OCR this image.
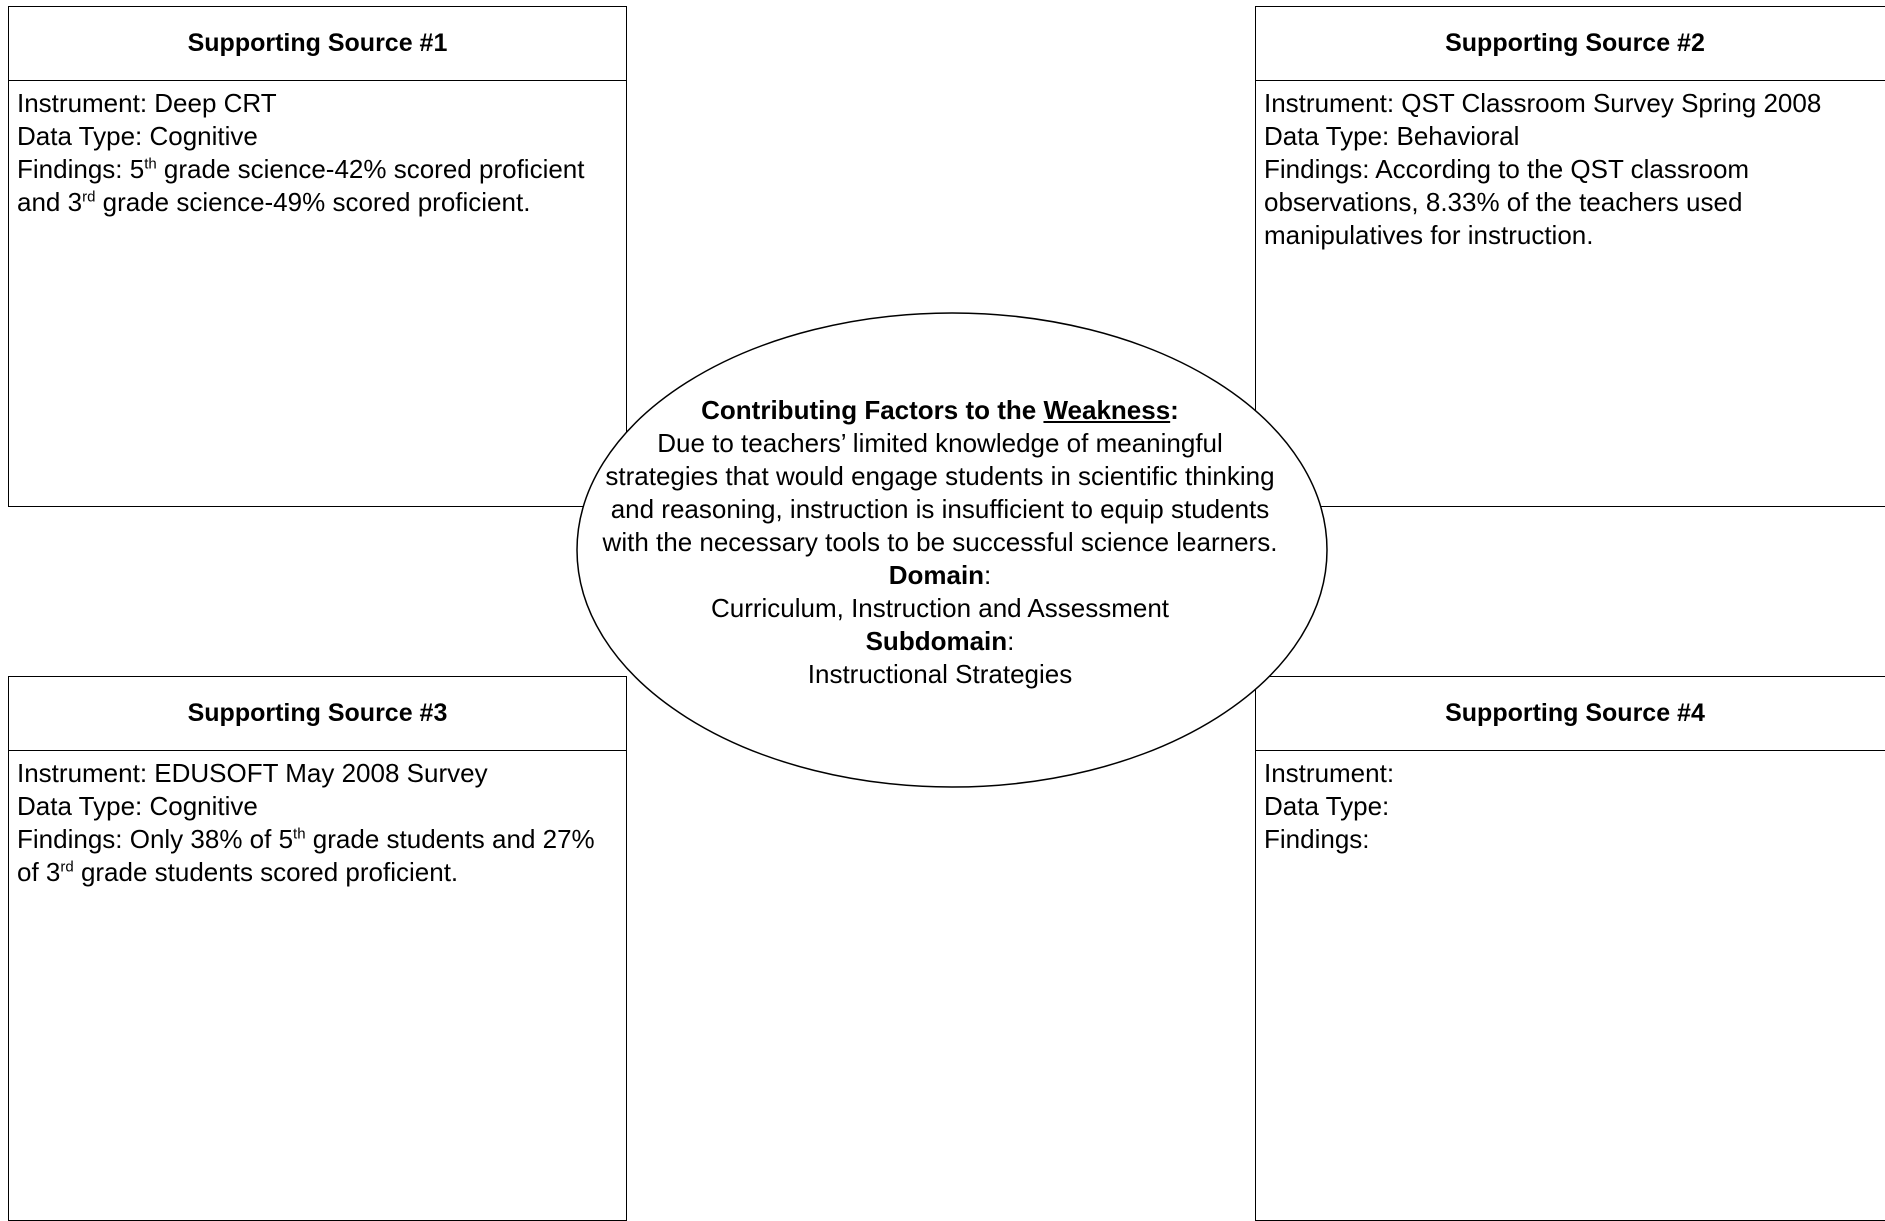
Supporting Source #1
Instrument: Deep CRT
Data Type: Cognitive
Findings: 5th grade science-42% scored proficient and 3rd grade science-49% scored proficient.
Supporting Source #2
Instrument: QST Classroom Survey Spring 2008
Data Type: Behavioral
Findings: According to the QST classroom observations, 8.33% of the teachers used manipulatives for instruction.
Supporting Source #3
Instrument: EDUSOFT May 2008 Survey
Data Type: Cognitive
Findings: Only 38% of 5th grade students and 27% of 3rd grade students scored proficient.
Supporting Source #4
Instrument:
Data Type:
Findings:
Contributing Factors to the Weakness:
Due to teachers’ limited knowledge of meaningful strategies that would engage students in scientific thinking and reasoning, instruction is insufficient to equip students with the necessary tools to be successful science learners.
Domain:
Curriculum, Instruction and Assessment
Subdomain:
Instructional Strategies
